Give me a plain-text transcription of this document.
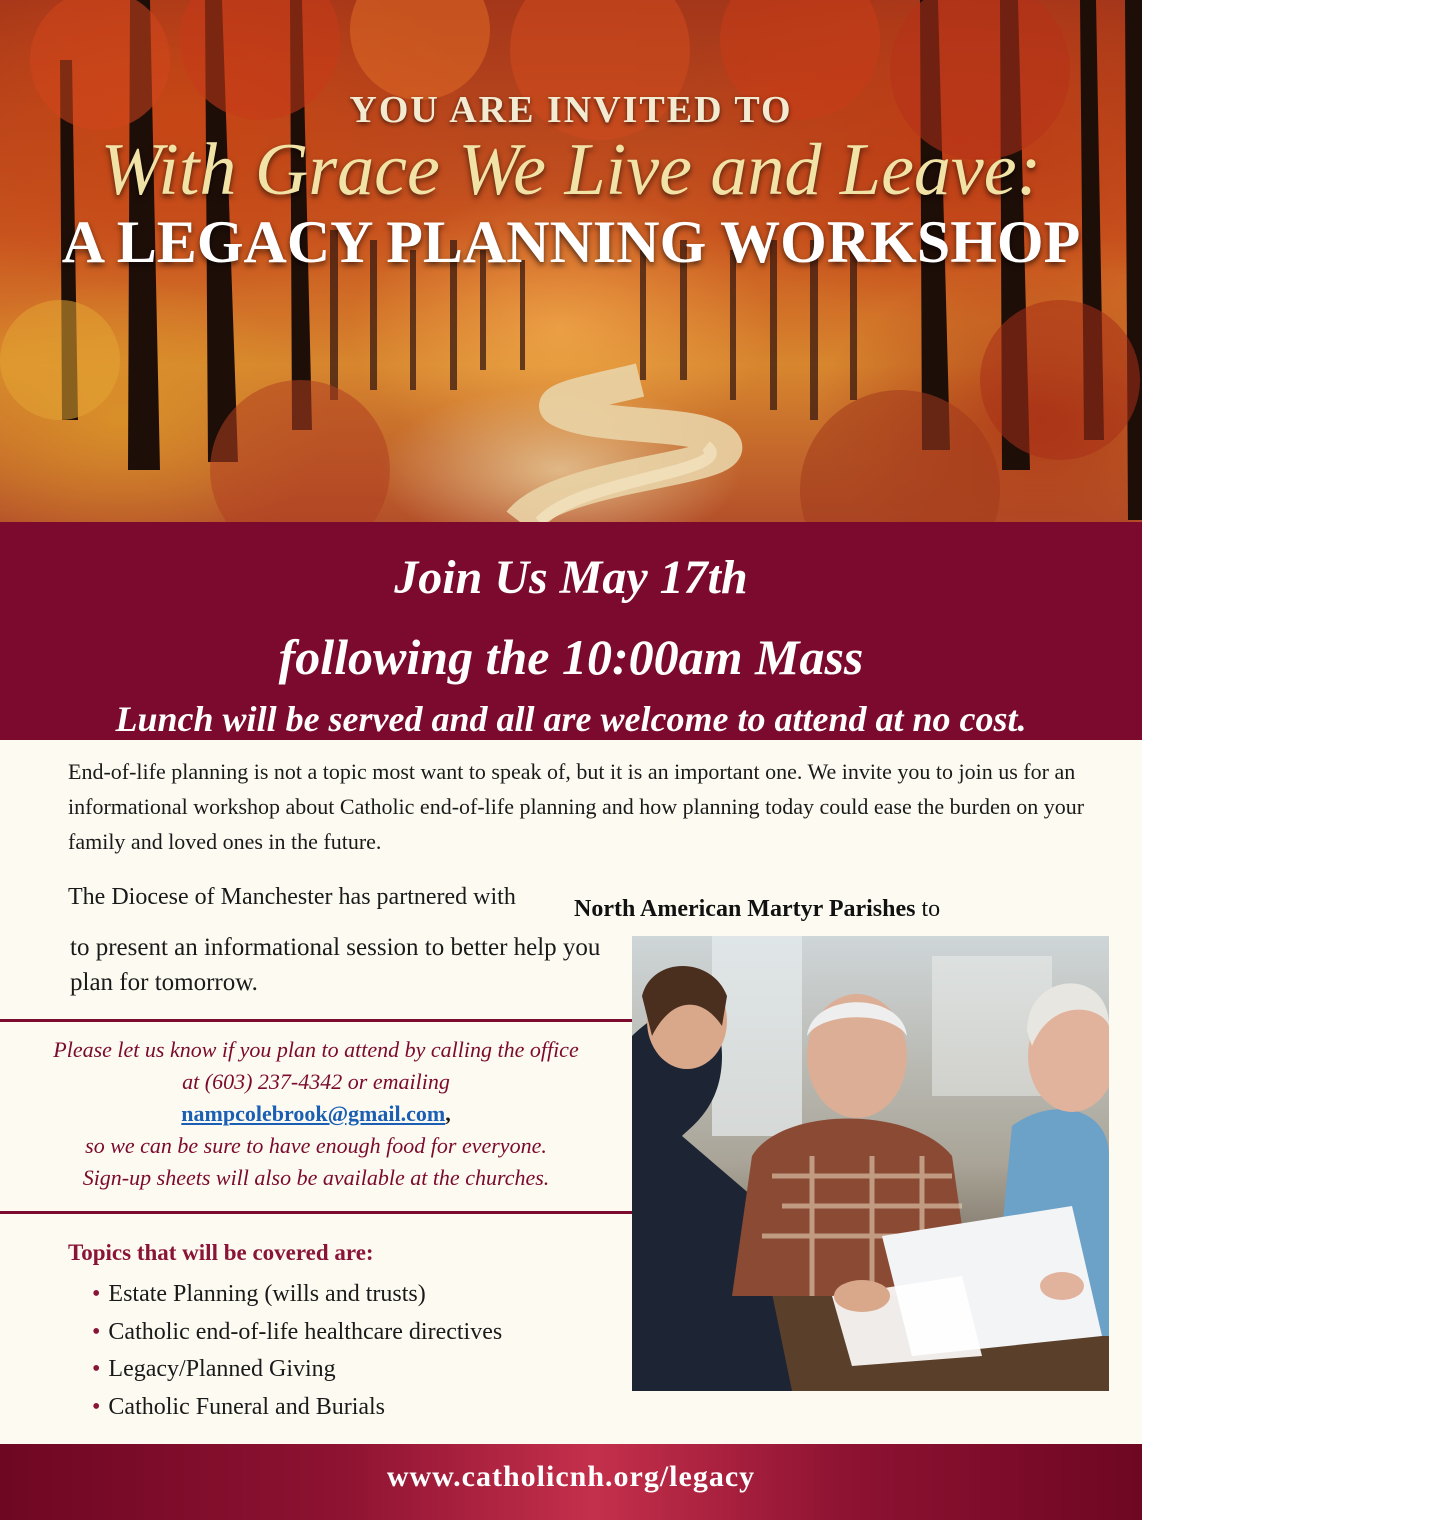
YOU ARE INVITED TO
With Grace We Live and Leave:
A LEGACY PLANNING WORKSHOP
Join Us May 17th
following the 10:00am Mass
Lunch will be served and all are welcome to attend at no cost.
End-of-life planning is not a topic most want to speak of, but it is an important one. We invite you to join us for an informational workshop about Catholic end-of-life planning and how planning today could ease the burden on your family and loved ones in the future.
The Diocese of Manchester has partnered with North American Martyr Parishes to
to present an informational session to better help you plan for tomorrow.
Please let us know if you plan to attend by calling the office
at (603) 237-4342 or emailing
nampcolebrook@gmail.com,
so we can be sure to have enough food for everyone.
Sign-up sheets will also be available at the churches.
Topics that will be covered are:
• Estate Planning (wills and trusts)
• Catholic end-of-life healthcare directives
• Legacy/Planned Giving
• Catholic Funeral and Burials
www.catholicnh.org/legacy
